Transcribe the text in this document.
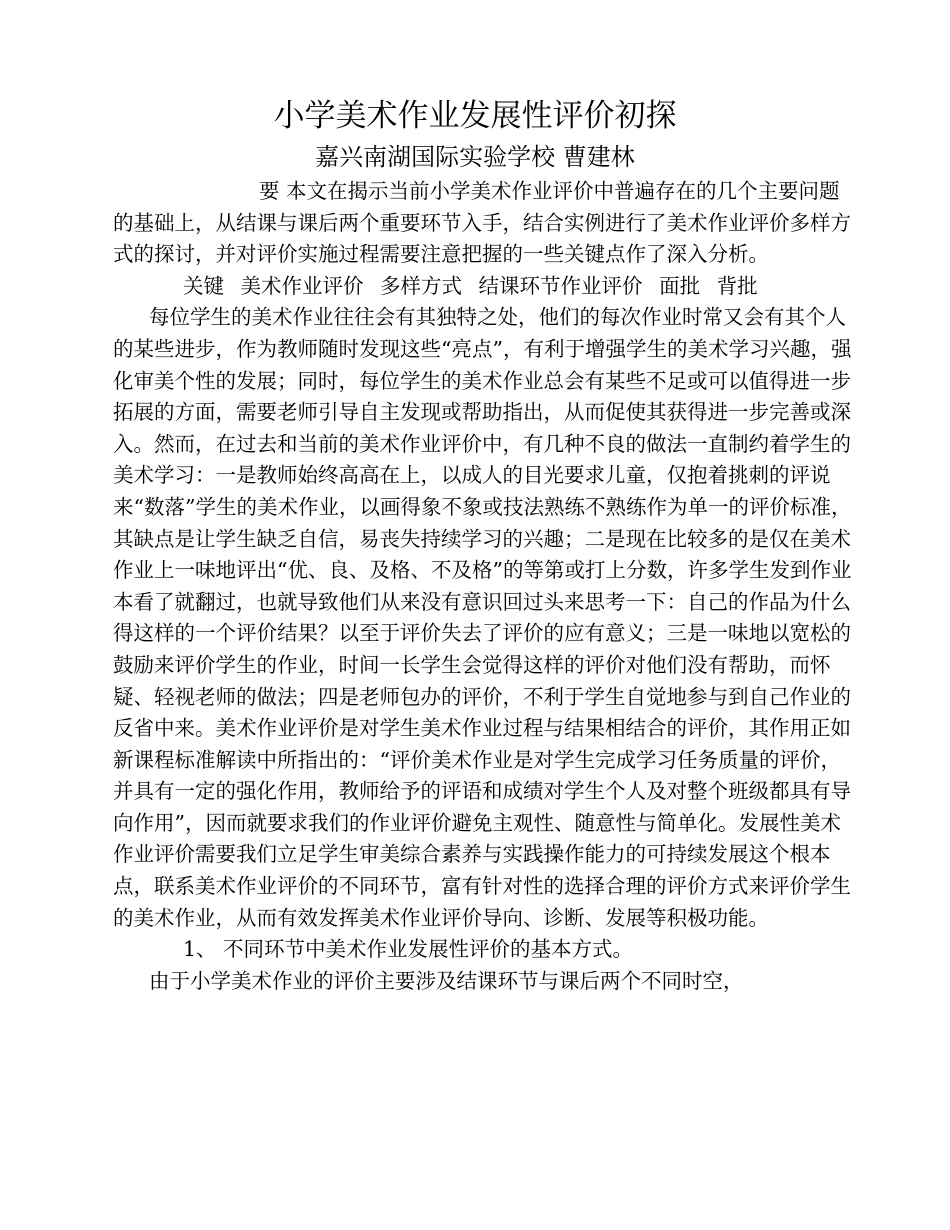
小学美术作业发展性评价初探
嘉兴南湖国际实验学校 曹建林

要 本文在揭示当前小学美术作业评价中普遍存在的几个主要问题的基础上，从结课与课后两个重要环节入手，结合实例进行了美术作业评价多样方式的探讨，并对评价实施过程需要注意把握的一些关键点作了深入分析。

关键 美术作业评价 多样方式 结课环节作业评价 面批 背批

每位学生的美术作业往往会有其独特之处，他们的每次作业时常又会有其个人的某些进步，作为教师随时发现这些“亮点”，有利于增强学生的美术学习兴趣，强化审美个性的发展；同时，每位学生的美术作业总会有某些不足或可以值得进一步拓展的方面，需要老师引导自主发现或帮助指出，从而促使其获得进一步完善或深入。然而，在过去和当前的美术作业评价中，有几种不良的做法一直制约着学生的美术学习：一是教师始终高高在上，以成人的目光要求儿童，仅抱着挑刺的评说来“数落”学生的美术作业，以画得象不象或技法熟练不熟练作为单一的评价标准，其缺点是让学生缺乏自信，易丧失持续学习的兴趣；二是现在比较多的是仅在美术作业上一味地评出“优、良、及格、不及格”的等第或打上分数，许多学生发到作业本看了就翻过，也就导致他们从来没有意识回过头来思考一下：自己的作品为什么得这样的一个评价结果？以至于评价失去了评价的应有意义；三是一味地以宽松的鼓励来评价学生的作业，时间一长学生会觉得这样的评价对他们没有帮助，而怀疑、轻视老师的做法；四是老师包办的评价，不利于学生自觉地参与到自己作业的反省中来。美术作业评价是对学生美术作业过程与结果相结合的评价，其作用正如新课程标准解读中所指出的：“评价美术作业是对学生完成学习任务质量的评价，并具有一定的强化作用，教师给予的评语和成绩对学生个人及对整个班级都具有导向作用”，因而就要求我们的作业评价避免主观性、随意性与简单化。发展性美术作业评价需要我们立足学生审美综合素养与实践操作能力的可持续发展这个根本点，联系美术作业评价的不同环节，富有针对性的选择合理的评价方式来评价学生的美术作业，从而有效发挥美术作业评价导向、诊断、发展等积极功能。

1、 不同环节中美术作业发展性评价的基本方式。

由于小学美术作业的评价主要涉及结课环节与课后两个不同时空，
